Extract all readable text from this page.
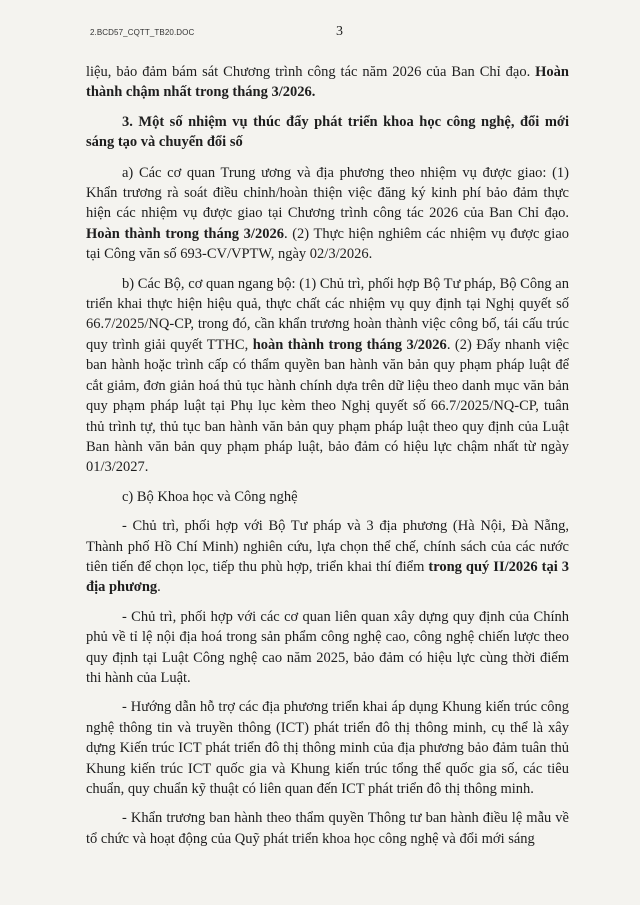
2.BCD57_CQTT_TB20.DOC	3

liệu, bảo đảm bám sát Chương trình công tác năm 2026 của Ban Chỉ đạo. Hoàn thành chậm nhất trong tháng 3/2026.

3. Một số nhiệm vụ thúc đẩy phát triển khoa học công nghệ, đổi mới sáng tạo và chuyển đổi số

a) Các cơ quan Trung ương và địa phương theo nhiệm vụ được giao: (1) Khẩn trương rà soát điều chỉnh/hoàn thiện việc đăng ký kinh phí bảo đảm thực hiện các nhiệm vụ được giao tại Chương trình công tác 2026 của Ban Chỉ đạo. Hoàn thành trong tháng 3/2026. (2) Thực hiện nghiêm các nhiệm vụ được giao tại Công văn số 693-CV/VPTW, ngày 02/3/2026.

b) Các Bộ, cơ quan ngang bộ: (1) Chủ trì, phối hợp Bộ Tư pháp, Bộ Công an triển khai thực hiện hiệu quả, thực chất các nhiệm vụ quy định tại Nghị quyết số 66.7/2025/NQ-CP, trong đó, cần khẩn trương hoàn thành việc công bố, tái cấu trúc quy trình giải quyết TTHC, hoàn thành trong tháng 3/2026. (2) Đẩy nhanh việc ban hành hoặc trình cấp có thẩm quyền ban hành văn bản quy phạm pháp luật để cắt giảm, đơn giản hoá thủ tục hành chính dựa trên dữ liệu theo danh mục văn bản quy phạm pháp luật tại Phụ lục kèm theo Nghị quyết số 66.7/2025/NQ-CP, tuân thủ trình tự, thủ tục ban hành văn bản quy phạm pháp luật theo quy định của Luật Ban hành văn bản quy phạm pháp luật, bảo đảm có hiệu lực chậm nhất từ ngày 01/3/2027.

c) Bộ Khoa học và Công nghệ

- Chủ trì, phối hợp với Bộ Tư pháp và 3 địa phương (Hà Nội, Đà Nẵng, Thành phố Hồ Chí Minh) nghiên cứu, lựa chọn thể chế, chính sách của các nước tiên tiến để chọn lọc, tiếp thu phù hợp, triển khai thí điểm trong quý II/2026 tại 3 địa phương.

- Chủ trì, phối hợp với các cơ quan liên quan xây dựng quy định của Chính phủ về tỉ lệ nội địa hoá trong sản phẩm công nghệ cao, công nghệ chiến lược theo quy định tại Luật Công nghệ cao năm 2025, bảo đảm có hiệu lực cùng thời điểm thi hành của Luật.

- Hướng dẫn hỗ trợ các địa phương triển khai áp dụng Khung kiến trúc công nghệ thông tin và truyền thông (ICT) phát triển đô thị thông minh, cụ thể là xây dựng Kiến trúc ICT phát triển đô thị thông minh của địa phương bảo đảm tuân thủ Khung kiến trúc ICT quốc gia và Khung kiến trúc tổng thể quốc gia số, các tiêu chuẩn, quy chuẩn kỹ thuật có liên quan đến ICT phát triển đô thị thông minh.

- Khẩn trương ban hành theo thẩm quyền Thông tư ban hành điều lệ mẫu về tổ chức và hoạt động của Quỹ phát triển khoa học công nghệ và đổi mới sáng
